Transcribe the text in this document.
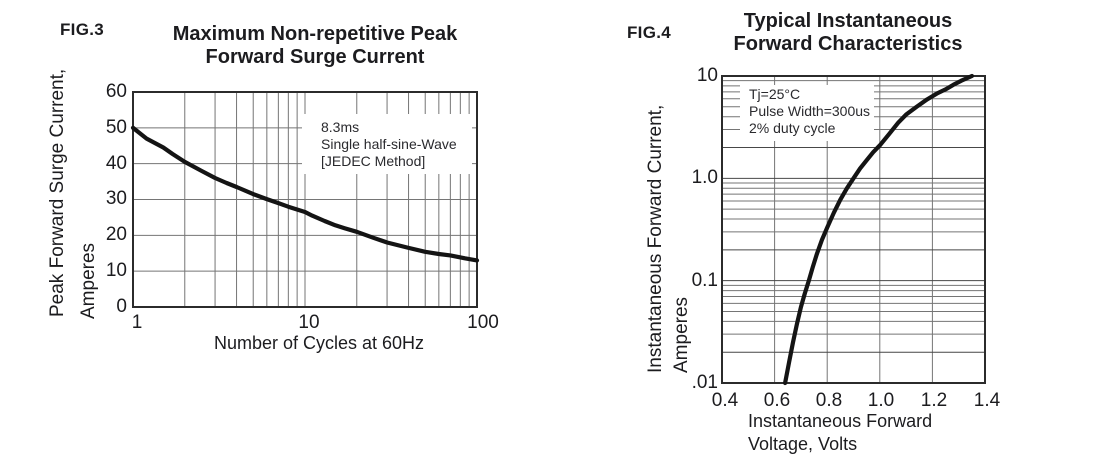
FIG.3	Maximum Non-repetitive Peak
Forward Surge Current
Peak Forward Surge Current, Amperes
60
50
40
30
20
10
0
1	10	100
Number of Cycles at 60Hz
8.3ms
Single half-sine-Wave
[JEDEC Method]
FIG.4
Typical Instantaneous
Forward Characteristics
Instantaneous Forward Current, Amperes
10
1.0
0.1
.01
0.4 0.6 0.8 1.0 1.2 1.4
Instantaneous Forward
Voltage, Volts
Tj=25°C
Pulse Width=300us
2% duty cycle
